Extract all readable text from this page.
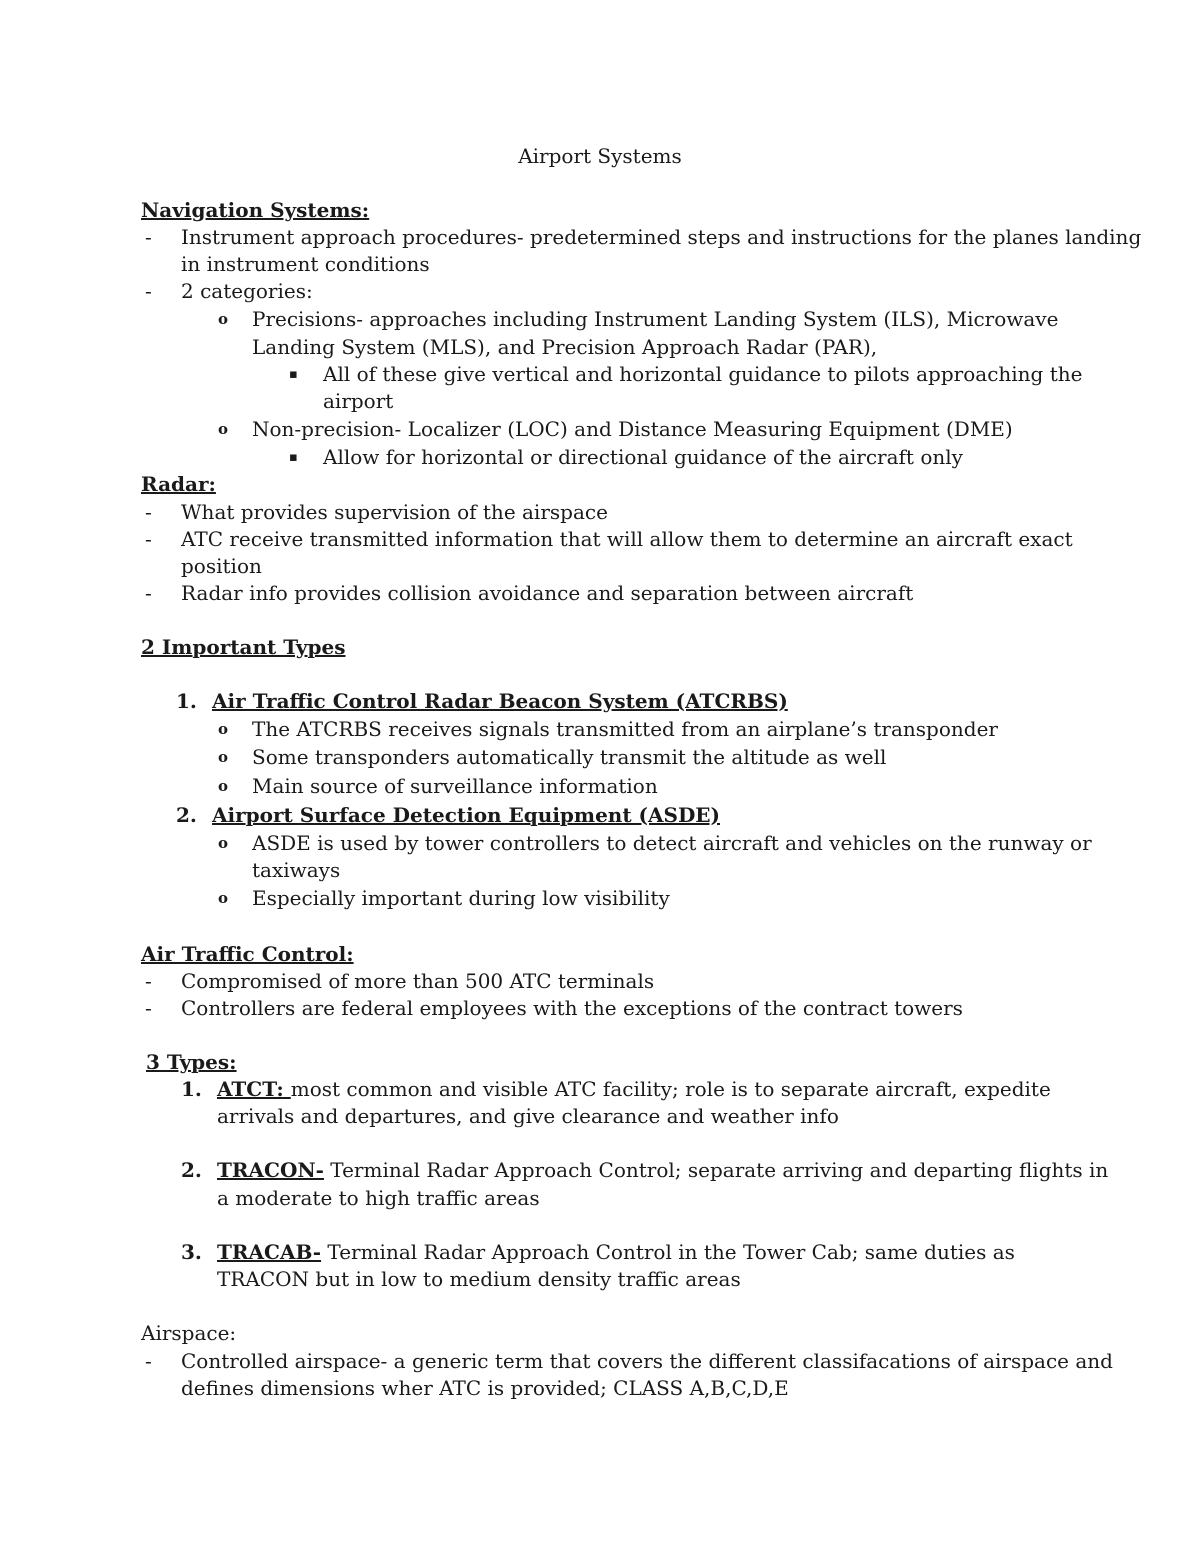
Airport Systems
Navigation Systems:
- Instrument approach procedures- predetermined steps and instructions for the planes landing
in instrument conditions
- 2 categories:
o Precisions- approaches including Instrument Landing System (ILS), Microwave
Landing System (MLS), and Precision Approach Radar (PAR),
▪ All of these give vertical and horizontal guidance to pilots approaching the
airport
o Non-precision- Localizer (LOC) and Distance Measuring Equipment (DME)
▪ Allow for horizontal or directional guidance of the aircraft only
Radar:
- What provides supervision of the airspace
- ATC receive transmitted information that will allow them to determine an aircraft exact
position
- Radar info provides collision avoidance and separation between aircraft
2 Important Types
1. Air Traffic Control Radar Beacon System (ATCRBS)
o The ATCRBS receives signals transmitted from an airplane’s transponder
o Some transponders automatically transmit the altitude as well
o Main source of surveillance information
2. Airport Surface Detection Equipment (ASDE)
o ASDE is used by tower controllers to detect aircraft and vehicles on the runway or
taxiways
o Especially important during low visibility
Air Traffic Control:
- Compromised of more than 500 ATC terminals
- Controllers are federal employees with the exceptions of the contract towers
3 Types:
1. ATCT: most common and visible ATC facility; role is to separate aircraft, expedite
arrivals and departures, and give clearance and weather info
2. TRACON- Terminal Radar Approach Control; separate arriving and departing flights in
a moderate to high traffic areas
3. TRACAB- Terminal Radar Approach Control in the Tower Cab; same duties as
TRACON but in low to medium density traffic areas
Airspace:
- Controlled airspace- a generic term that covers the different classifacations of airspace and
defines dimensions wher ATC is provided; CLASS A,B,C,D,E
